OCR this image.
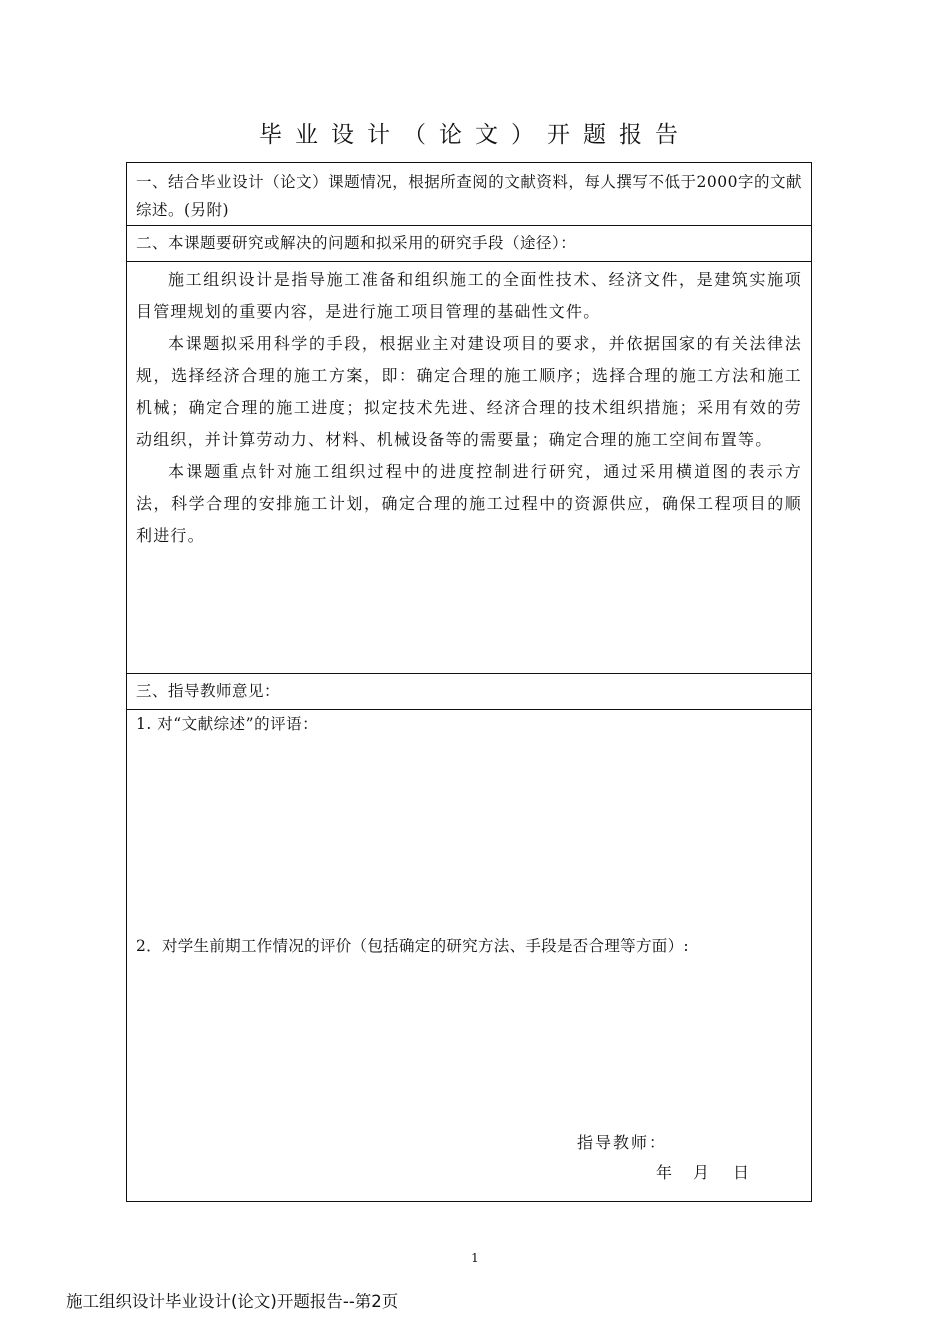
毕业设计（论文）开题报告
一、结合毕业设计（论文）课题情况，根据所查阅的文献资料，每人撰写不低于2000字的文献综述。(另附)
二、本课题要研究或解决的问题和拟采用的研究手段（途径）：

施工组织设计是指导施工准备和组织施工的全面性技术、经济文件，是建筑实施项目管理规划的重要内容，是进行施工项目管理的基础性文件。

本课题拟采用科学的手段，根据业主对建设项目的要求，并依据国家的有关法律法规，选择经济合理的施工方案，即：确定合理的施工顺序；选择合理的施工方法和施工机械；确定合理的施工进度；拟定技术先进、经济合理的技术组织措施；采用有效的劳动组织，并计算劳动力、材料、机械设备等的需要量；确定合理的施工空间布置等。

本课题重点针对施工组织过程中的进度控制进行研究，通过采用横道图的表示方法，科学合理的安排施工计划，确定合理的施工过程中的资源供应，确保工程项目的顺利进行。

三、指导教师意见：
1. 对“文献综述”的评语：
2．对学生前期工作情况的评价（包括确定的研究方法、手段是否合理等方面）:
指导教师：
年 月 日
1
施工组织设计毕业设计(论文)开题报告--第2页
